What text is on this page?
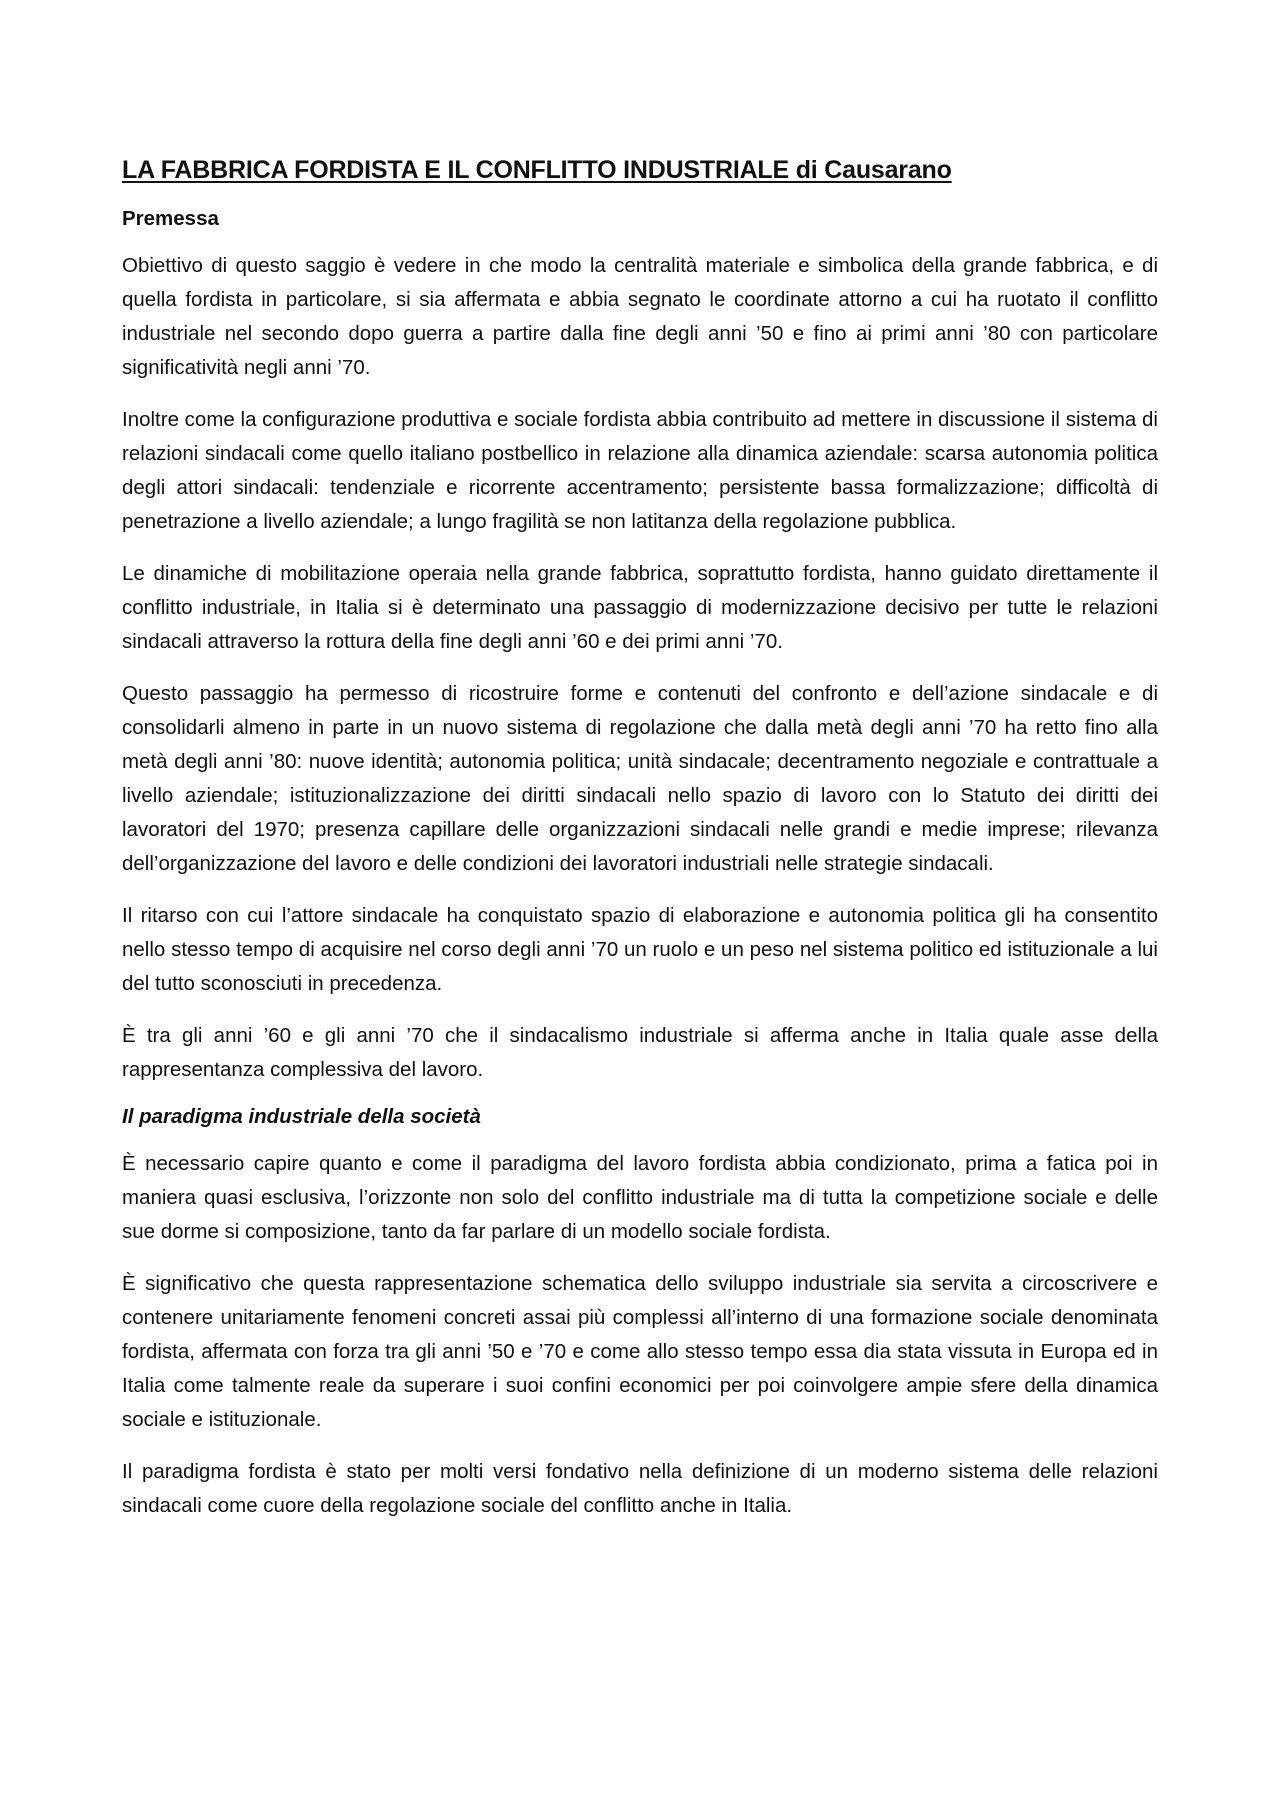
LA FABBRICA FORDISTA E IL CONFLITTO INDUSTRIALE di Causarano
Premessa

Obiettivo di questo saggio è vedere in che modo la centralità materiale e simbolica della grande fabbrica, e di quella fordista in particolare, si sia affermata e abbia segnato le coordinate attorno a cui ha ruotato il conflitto industriale nel secondo dopo guerra a partire dalla fine degli anni ’50 e fino ai primi anni ’80 con particolare significatività negli anni ’70.

Inoltre come la configurazione produttiva e sociale fordista abbia contribuito ad mettere in discussione il sistema di relazioni sindacali come quello italiano postbellico in relazione alla dinamica aziendale: scarsa autonomia politica degli attori sindacali: tendenziale e ricorrente accentramento; persistente bassa formalizzazione; difficoltà di penetrazione a livello aziendale; a lungo fragilità se non latitanza della regolazione pubblica.

Le dinamiche di mobilitazione operaia nella grande fabbrica, soprattutto fordista, hanno guidato direttamente il conflitto industriale, in Italia si è determinato una passaggio di modernizzazione decisivo per tutte le relazioni sindacali attraverso la rottura della fine degli anni ’60 e dei primi anni ’70.

Questo passaggio ha permesso di ricostruire forme e contenuti del confronto e dell’azione sindacale e di consolidarli almeno in parte in un nuovo sistema di regolazione che dalla metà degli anni ’70 ha retto fino alla metà degli anni ’80: nuove identità; autonomia politica; unità sindacale; decentramento negoziale e contrattuale a livello aziendale; istituzionalizzazione dei diritti sindacali nello spazio di lavoro con lo Statuto dei diritti dei lavoratori del 1970; presenza capillare delle organizzazioni sindacali nelle grandi e medie imprese; rilevanza dell’organizzazione del lavoro e delle condizioni dei lavoratori industriali nelle strategie sindacali.

Il ritarso con cui l’attore sindacale ha conquistato spazio di elaborazione e autonomia politica gli ha consentito nello stesso tempo di acquisire nel corso degli anni ’70 un ruolo e un peso nel sistema politico ed istituzionale a lui del tutto sconosciuti in precedenza.

È tra gli anni ’60 e gli anni ’70 che il sindacalismo industriale si afferma anche in Italia quale asse della rappresentanza complessiva del lavoro.

Il paradigma industriale della società

È necessario capire quanto e come il paradigma del lavoro fordista abbia condizionato, prima a fatica poi in maniera quasi esclusiva, l’orizzonte non solo del conflitto industriale ma di tutta la competizione sociale e delle sue dorme si composizione, tanto da far parlare di un modello sociale fordista.

È significativo che questa rappresentazione schematica dello sviluppo industriale sia servita a circoscrivere e contenere unitariamente fenomeni concreti assai più complessi all’interno di una formazione sociale denominata fordista, affermata con forza tra gli anni ’50 e ’70 e come allo stesso tempo essa dia stata vissuta in Europa ed in Italia come talmente reale da superare i suoi confini economici per poi coinvolgere ampie sfere della dinamica sociale e istituzionale.

Il paradigma fordista è stato per molti versi fondativo nella definizione di un moderno sistema delle relazioni sindacali come cuore della regolazione sociale del conflitto anche in Italia.
